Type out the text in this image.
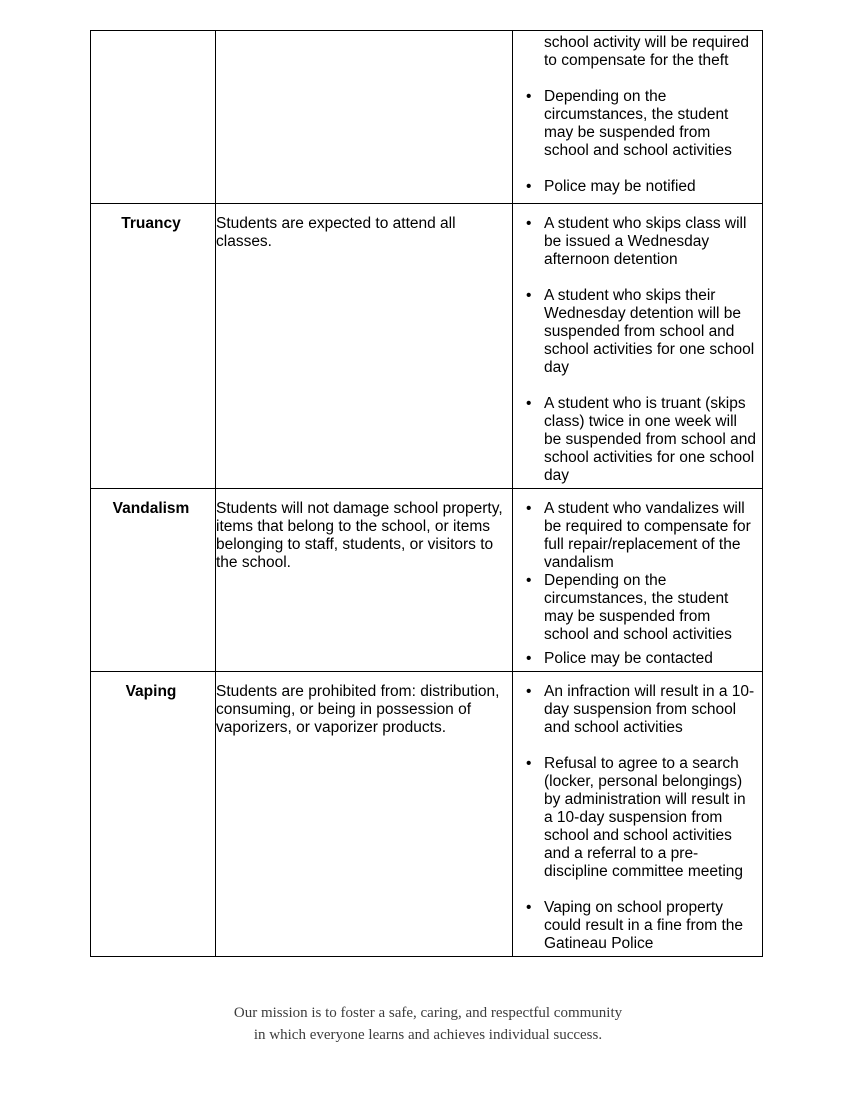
		school activity will be required to compensate for the theft
• Depending on the circumstances, the student may be suspended from school and school activities
• Police may be notified

Truancy	Students are expected to attend all classes.	• A student who skips class will be issued a Wednesday afternoon detention
• A student who skips their Wednesday detention will be suspended from school and school activities for one school day
• A student who is truant (skips class) twice in one week will be suspended from school and school activities for one school day

Vandalism	Students will not damage school property, items that belong to the school, or items belonging to staff, students, or visitors to the school.	• A student who vandalizes will be required to compensate for full repair/replacement of the vandalism
• Depending on the circumstances, the student may be suspended from school and school activities
• Police may be contacted

Vaping	Students are prohibited from: distribution, consuming, or being in possession of vaporizers, or vaporizer products.	• An infraction will result in a 10-day suspension from school and school activities
• Refusal to agree to a search (locker, personal belongings) by administration will result in a 10-day suspension from school and school activities and a referral to a pre-discipline committee meeting
• Vaping on school property could result in a fine from the Gatineau Police
Our mission is to foster a safe, caring, and respectful community
in which everyone learns and achieves individual success.
